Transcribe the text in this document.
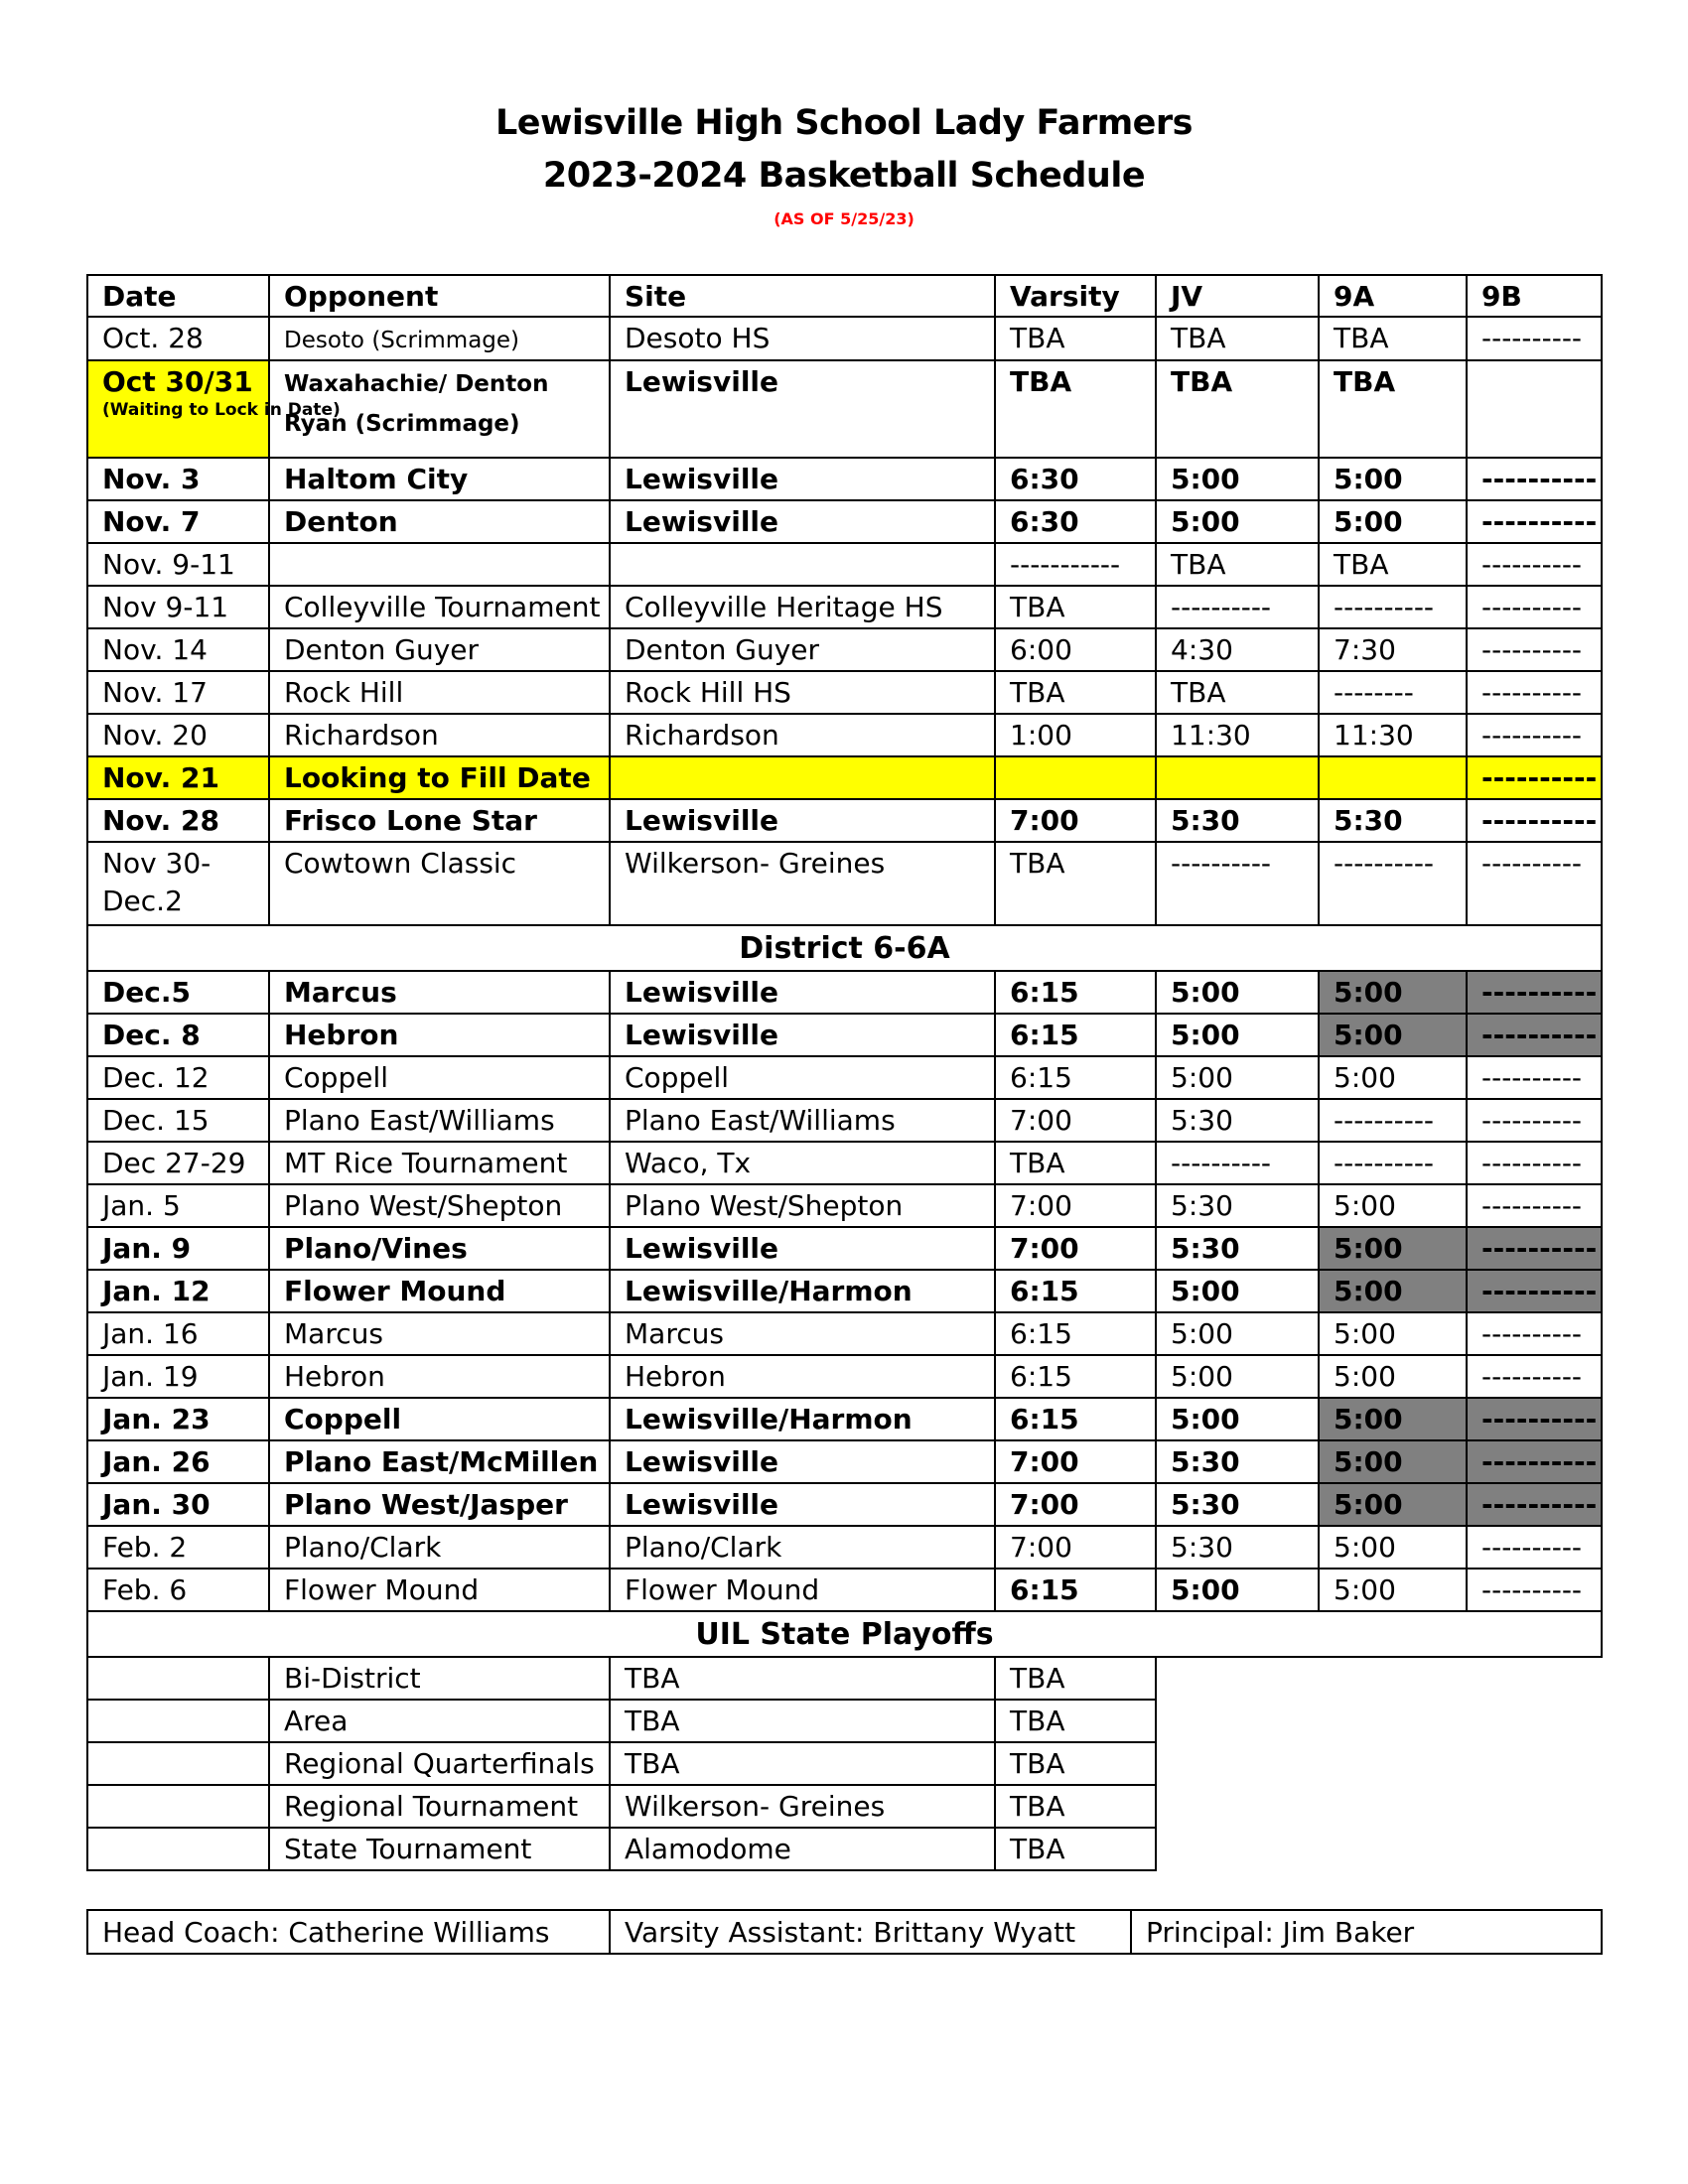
Lewisville High School Lady Farmers
2023-2024 Basketball Schedule
(AS OF 5/25/23)
Date	Opponent	Site	Varsity	JV	9A	9B
Oct. 28	Desoto (Scrimmage)	Desoto HS	TBA	TBA	TBA	----------
Oct 30/31
(Waiting to Lock in Date)	Waxahachie/ Denton Ryan (Scrimmage)	Lewisville	TBA	TBA	TBA	
Nov. 3	Haltom City	Lewisville	6:30	5:00	5:00	----------
Nov. 7	Denton	Lewisville	6:30	5:00	5:00	----------
Nov. 9-11			-----------	TBA	TBA	----------
Nov 9-11	Colleyville Tournament	Colleyville Heritage HS	TBA	----------	----------	----------
Nov. 14	Denton Guyer	Denton Guyer	6:00	4:30	7:30	----------
Nov. 17	Rock Hill	Rock Hill HS	TBA	TBA	--------	----------
Nov. 20	Richardson	Richardson	1:00	11:30	11:30	----------
Nov. 21	Looking to Fill Date					----------
Nov. 28	Frisco Lone Star	Lewisville	7:00	5:30	5:30	----------
Nov 30-Dec.2	Cowtown Classic	Wilkerson- Greines	TBA	----------	----------	----------
District 6-6A						
Dec.5	Marcus	Lewisville	6:15	5:00	5:00	----------
Dec. 8	Hebron	Lewisville	6:15	5:00	5:00	----------
Dec. 12	Coppell	Coppell	6:15	5:00	5:00	----------
Dec. 15	Plano East/Williams	Plano East/Williams	7:00	5:30	----------	----------
Dec 27-29	MT Rice Tournament	Waco, Tx	TBA	----------	----------	----------
Jan. 5	Plano West/Shepton	Plano West/Shepton	7:00	5:30	5:00	----------
Jan. 9	Plano/Vines	Lewisville	7:00	5:30	5:00	----------
Jan. 12	Flower Mound	Lewisville/Harmon	6:15	5:00	5:00	----------
Jan. 16	Marcus	Marcus	6:15	5:00	5:00	----------
Jan. 19	Hebron	Hebron	6:15	5:00	5:00	----------
Jan. 23	Coppell	Lewisville/Harmon	6:15	5:00	5:00	----------
Jan. 26	Plano East/McMillen	Lewisville	7:00	5:30	5:00	----------
Jan. 30	Plano West/Jasper	Lewisville	7:00	5:30	5:00	----------
Feb. 2	Plano/Clark	Plano/Clark	7:00	5:30	5:00	----------
Feb. 6	Flower Mound	Flower Mound	6:15	5:00	5:00	----------
UIL State Playoffs						
	Bi-District	TBA	TBA			
	Area	TBA	TBA			
	Regional Quarterfinals	TBA	TBA			
	Regional Tournament	Wilkerson- Greines	TBA			
	State Tournament	Alamodome	TBA			
Head Coach: Catherine Williams	Varsity Assistant: Brittany Wyatt	Principal: Jim Baker
